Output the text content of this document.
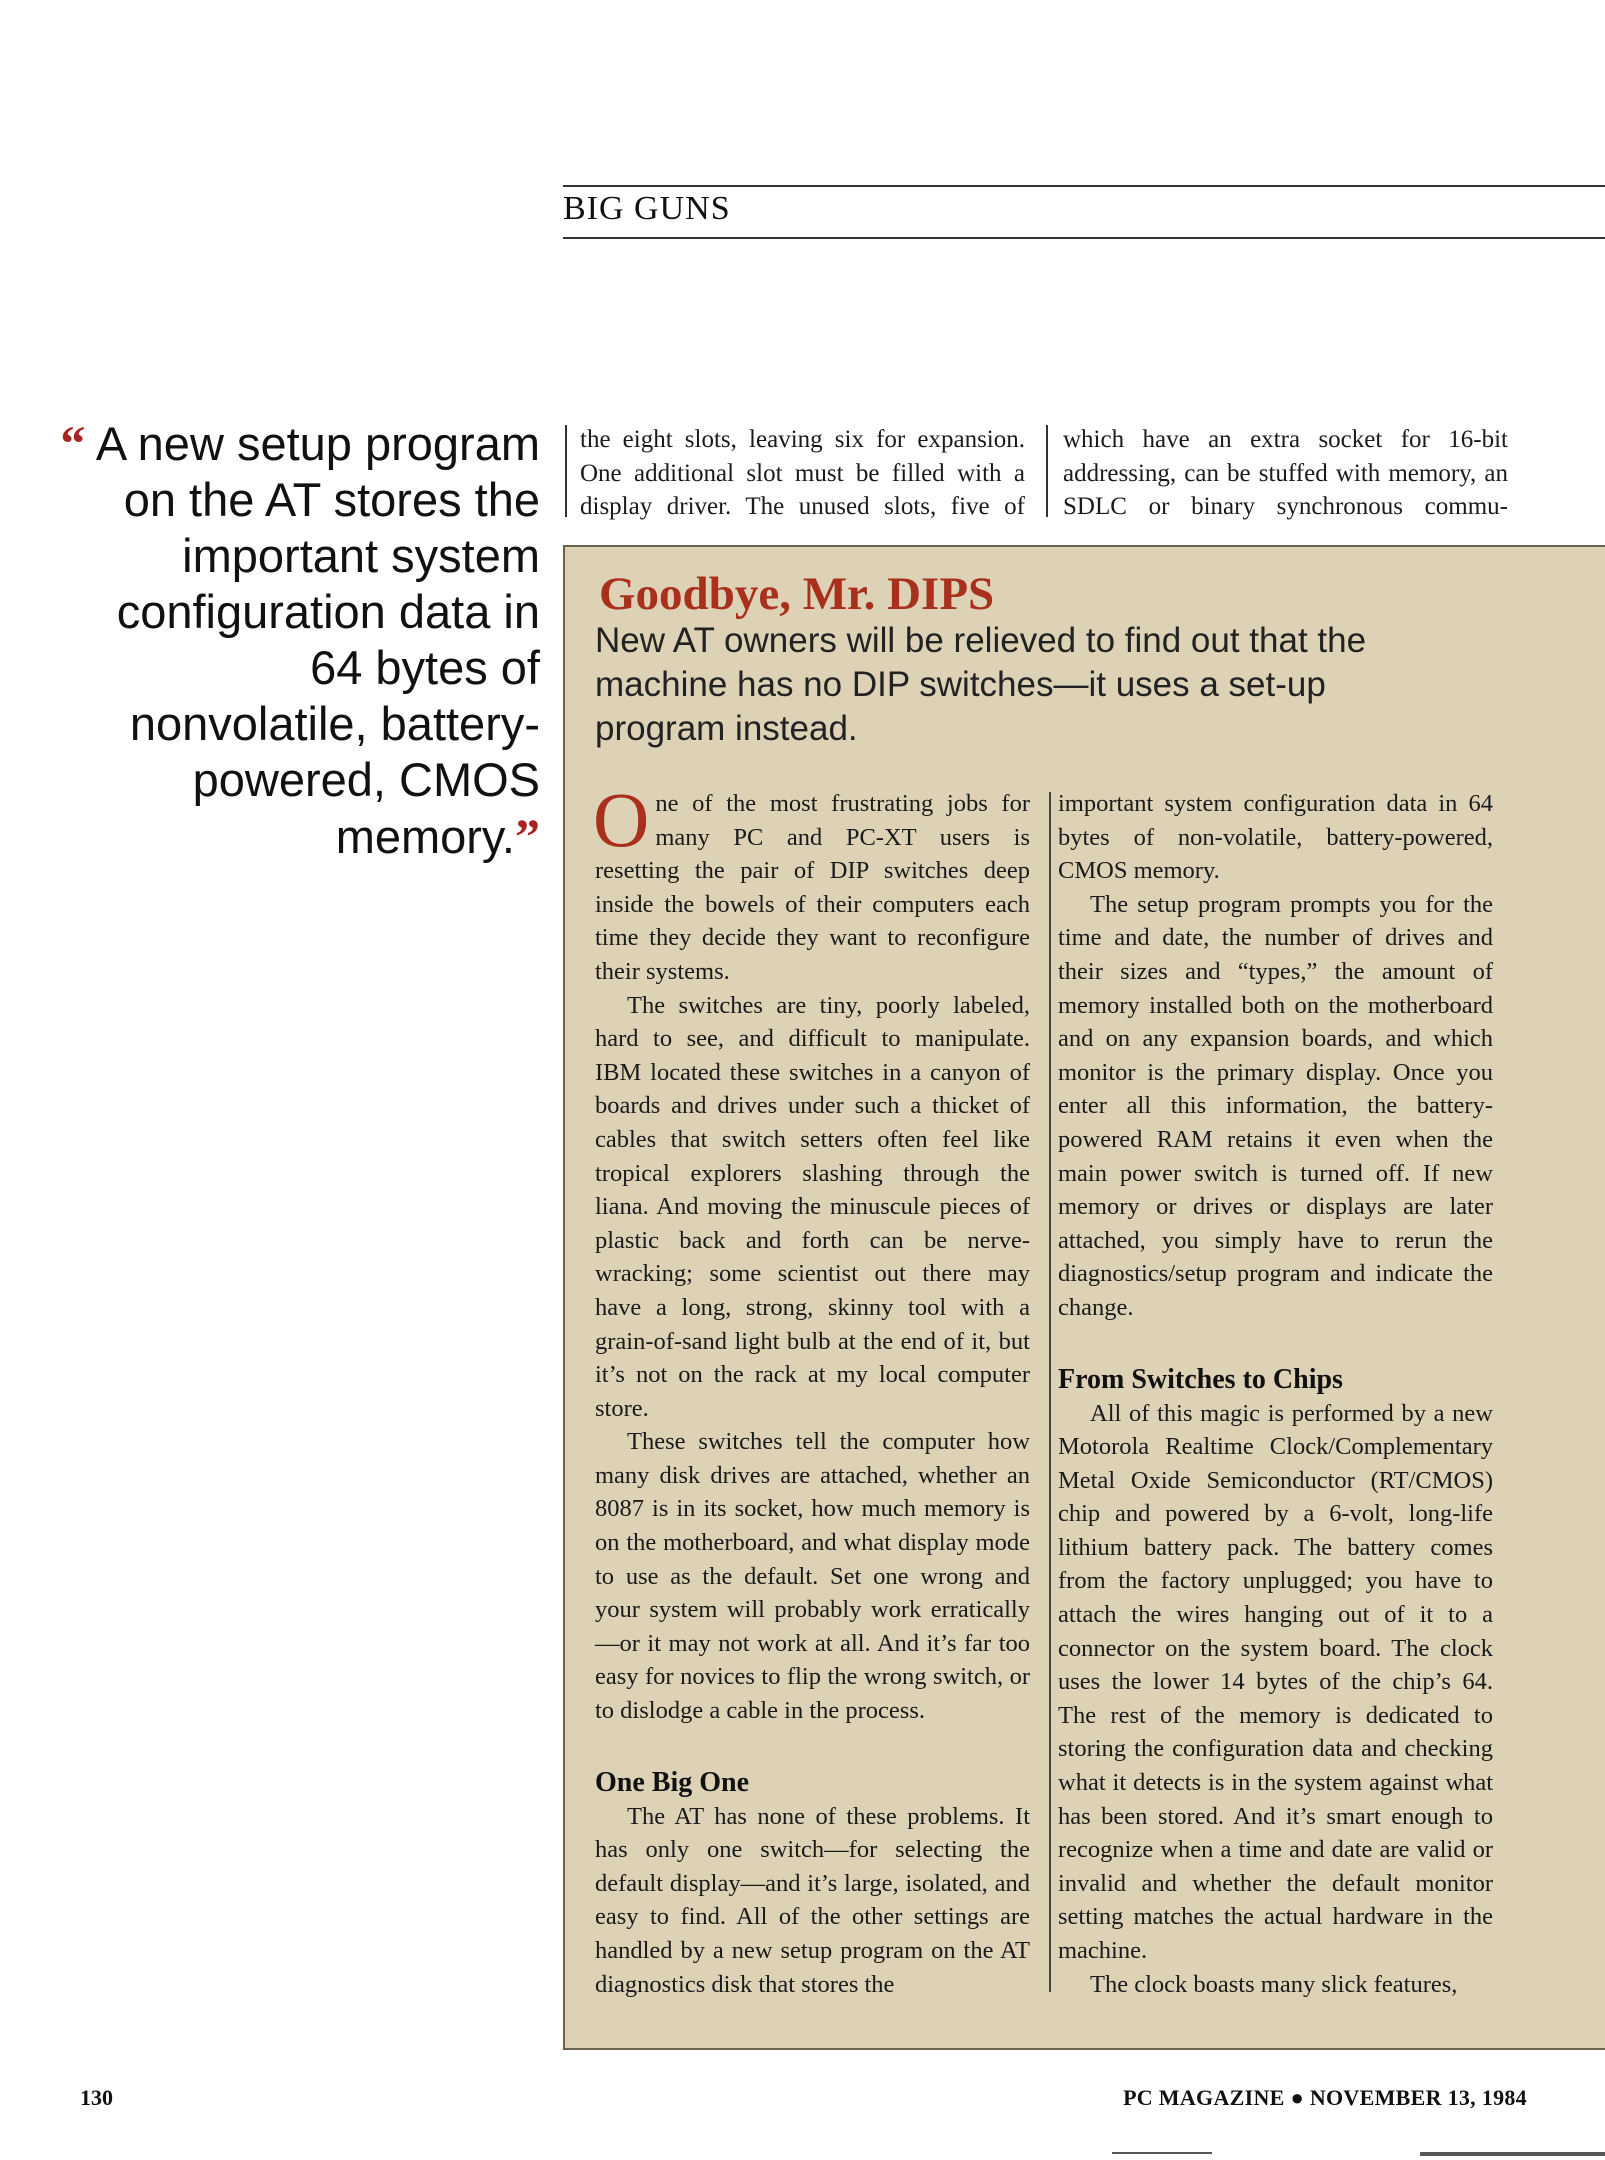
BIG GUNS
“ A new setup program on the AT stores the important system configuration data in 64 bytes of nonvolatile, battery-powered, CMOS memory.”
the eight slots, leaving six for expansion. One additional slot must be filled with a display driver. The unused slots, five of
which have an extra socket for 16-bit addressing, can be stuffed with memory, an SDLC or binary synchronous commu-
Goodbye, Mr. DIPS
New AT owners will be relieved to find out that the machine has no DIP switches—it uses a set-up program instead.

One of the most frustrating jobs for many PC and PC-XT users is resetting the pair of DIP switches deep inside the bowels of their computers each time they decide they want to reconfigure their systems.

The switches are tiny, poorly labeled, hard to see, and difficult to manipulate. IBM located these switches in a canyon of boards and drives under such a thicket of cables that switch setters often feel like tropical explorers slashing through the liana. And moving the minuscule pieces of plastic back and forth can be nerve-wracking; some scientist out there may have a long, strong, skinny tool with a grain-of-sand light bulb at the end of it, but it’s not on the rack at my local computer store.

These switches tell the computer how many disk drives are attached, whether an 8087 is in its socket, how much memory is on the motherboard, and what display mode to use as the default. Set one wrong and your system will probably work erratically—or it may not work at all. And it’s far too easy for novices to flip the wrong switch, or to dislodge a cable in the process.

One Big One

The AT has none of these problems. It has only one switch—for selecting the default display—and it’s large, isolated, and easy to find. All of the other settings are handled by a new setup program on the AT diagnostics disk that stores the

important system configuration data in 64 bytes of non-volatile, battery-powered, CMOS memory.

The setup program prompts you for the time and date, the number of drives and their sizes and “types,” the amount of memory installed both on the motherboard and on any expansion boards, and which monitor is the primary display. Once you enter all this information, the battery-powered RAM retains it even when the main power switch is turned off. If new memory or drives or displays are later attached, you simply have to rerun the diagnostics/setup program and indicate the change.

From Switches to Chips

All of this magic is performed by a new Motorola Realtime Clock/Complementary Metal Oxide Semiconductor (RT/CMOS) chip and powered by a 6-volt, long-life lithium battery pack. The battery comes from the factory unplugged; you have to attach the wires hanging out of it to a connector on the system board. The clock uses the lower 14 bytes of the chip’s 64. The rest of the memory is dedicated to storing the configuration data and checking what it detects is in the system against what has been stored. And it’s smart enough to recognize when a time and date are valid or invalid and whether the default monitor setting matches the actual hardware in the machine.

The clock boasts many slick features,

130	PC MAGAZINE ● NOVEMBER 13, 1984
